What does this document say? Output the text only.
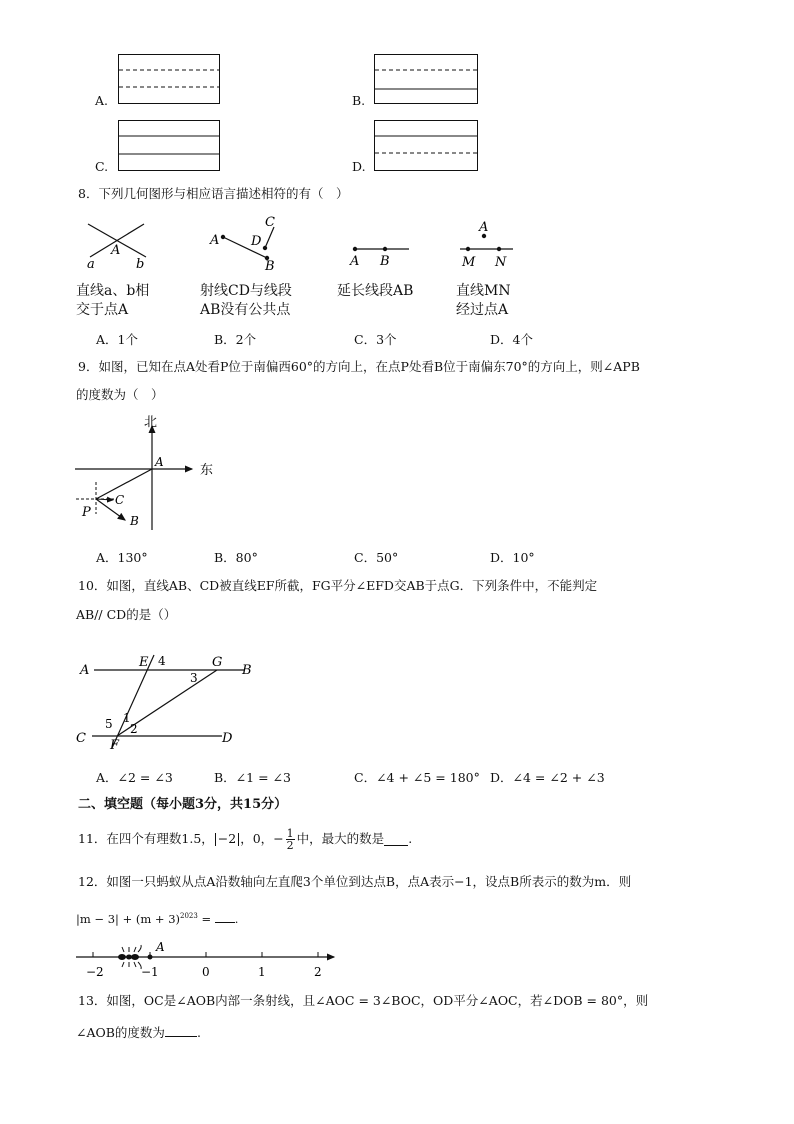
A.	B.
C.	D.
8．下列几何图形与相应语言描述相符的有（　）
A
a	b
直线a、b相
交于点A
A
C
D
B
射线CD与线段
AB没有公共点
A B
延长线段AB
A
M N
直线MN
经过点A
A．1个	B．2个	C．3个	D．4个
9．如图，已知在点A处看P位于南偏西60°的方向上，在点P处看B位于南偏东70°的方向上，则∠APB
的度数为（　）
北
东
A
C
P
B
A．130°	B．80°	C．50°	D．10°
10．如图，直线AB、CD被直线EF所截，FG平分∠EFD交AB于点G．下列条件中，不能判定
AB// CD的是（）
A
E 4	G
B
3
5 1
2
C F	D
A．∠2 = ∠3	B．∠1 = ∠3	C．∠4 + ∠5 = 180° D．∠4 = ∠2 + ∠3
二、填空题（每小题3分，共15分）
11．在四个有理数1.5， −2 ，0， − $\frac{1}{2}$ 中，最大的数是 .
12．如图一只蚂蚁从点A沿数轴向左直爬3个单位到达点B，点A表示−1，设点B所表示的数为m．则
$|m - 3| + (m + 3)^{2023}$ = .
A
−2	−1	0	1	2
13．如图，OC是∠AOB内部一条射线，且∠AOC = 3∠BOC，OD平分∠AOC，若∠DOB = 80°，则
∠AOB的度数为	.
